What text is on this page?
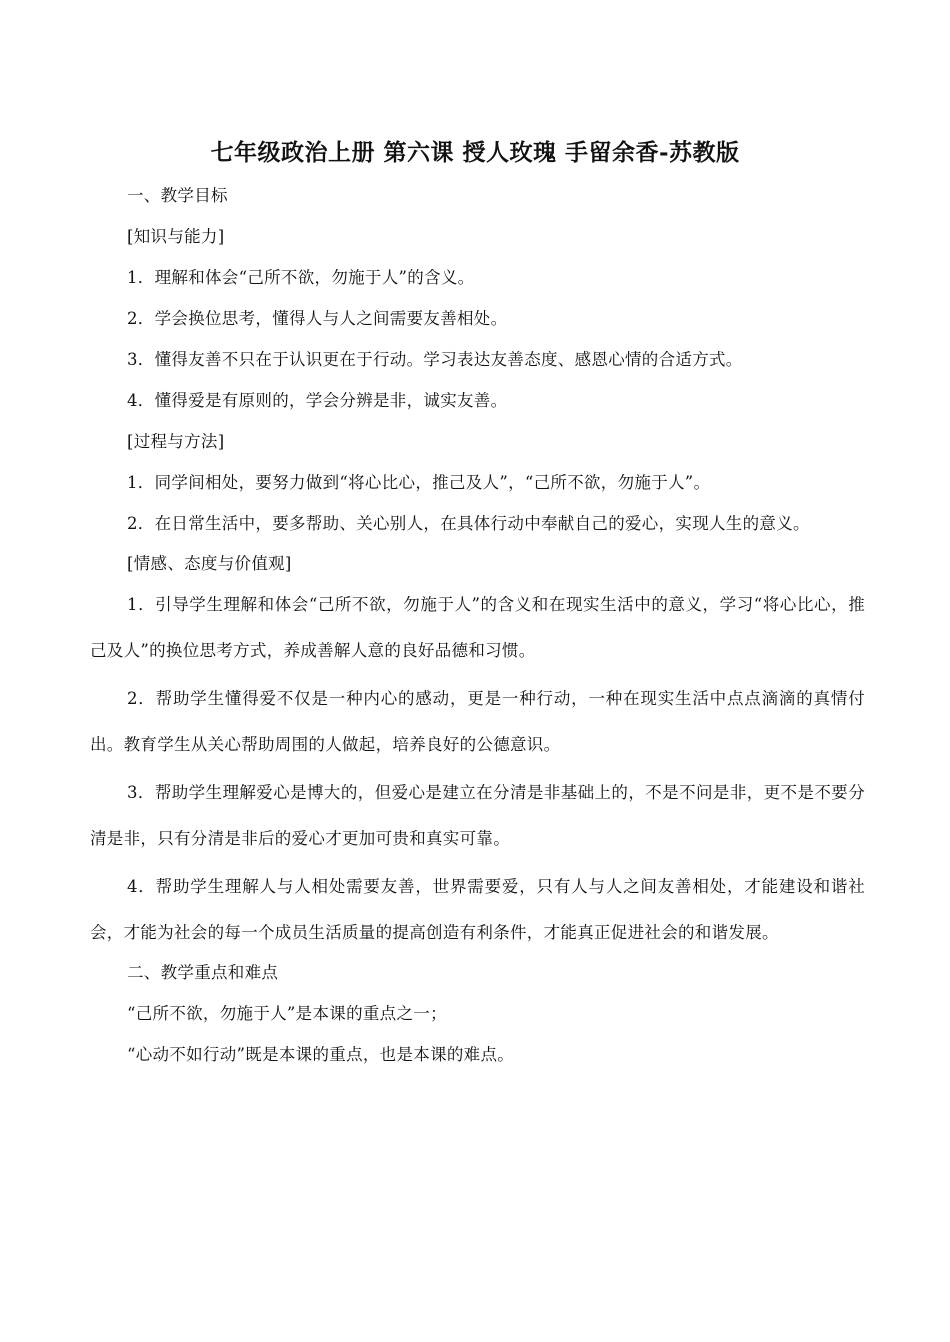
七年级政治上册 第六课 授人玫瑰 手留余香-苏教版

一、教学目标

[知识与能力]

1．理解和体会“己所不欲，勿施于人”的含义。

2．学会换位思考，懂得人与人之间需要友善相处。

3．懂得友善不只在于认识更在于行动。学习表达友善态度、感恩心情的合适方式。

4．懂得爱是有原则的，学会分辨是非，诚实友善。

[过程与方法]

1．同学间相处，要努力做到“将心比心，推己及人”，“己所不欲，勿施于人”。

2．在日常生活中，要多帮助、关心别人，在具体行动中奉献自己的爱心，实现人生的意义。

[情感、态度与价值观]

1．引导学生理解和体会“己所不欲，勿施于人”的含义和在现实生活中的意义，学习“将心比心，推己及人”的换位思考方式，养成善解人意的良好品德和习惯。

2．帮助学生懂得爱不仅是一种内心的感动，更是一种行动，一种在现实生活中点点滴滴的真情付出。教育学生从关心帮助周围的人做起，培养良好的公德意识。

3．帮助学生理解爱心是博大的，但爱心是建立在分清是非基础上的，不是不问是非，更不是不要分清是非，只有分清是非后的爱心才更加可贵和真实可靠。

4．帮助学生理解人与人相处需要友善，世界需要爱，只有人与人之间友善相处，才能建设和谐社会，才能为社会的每一个成员生活质量的提高创造有利条件，才能真正促进社会的和谐发展。

二、教学重点和难点

“己所不欲，勿施于人”是本课的重点之一；

“心动不如行动”既是本课的重点，也是本课的难点。
